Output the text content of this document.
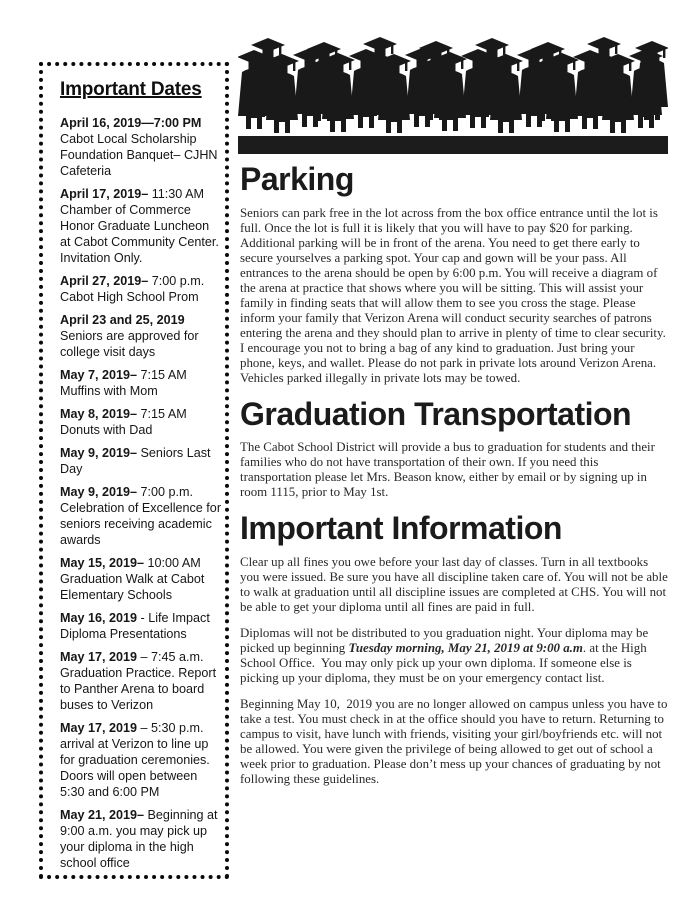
Important Dates
April 16, 2019—7:00 PM Cabot Local Scholarship Foundation Banquet– CJHN Cafeteria
April 17, 2019– 11:30 AM Chamber of Commerce Honor Graduate Luncheon at Cabot Community Center. Invitation Only.
April 27, 2019– 7:00 p.m. Cabot High School Prom
April 23 and 25, 2019 Seniors are approved for college visit days
May 7, 2019– 7:15 AM Muffins with Mom
May 8, 2019– 7:15 AM Donuts with Dad
May 9, 2019– Seniors Last Day
May 9, 2019– 7:00 p.m. Celebration of Excellence for seniors receiving academic awards
May 15, 2019– 10:00 AM Graduation Walk at Cabot Elementary Schools
May 16, 2019 - Life Impact Diploma Presentations
May 17, 2019 – 7:45 a.m. Graduation Practice. Report to Panther Arena to board buses to Verizon
May 17, 2019 – 5:30 p.m. arrival at Verizon to line up for graduation ceremonies. Doors will open between 5:30 and 6:00 PM
May 21, 2019– Beginning at 9:00 a.m. you may pick up your diploma in the high school office
Parking

Seniors can park free in the lot across from the box office entrance until the lot is full. Once the lot is full it is likely that you will have to pay $20 for parking.  Additional parking will be in front of the arena. You need to get there early to secure yourselves a parking spot. Your cap and gown will be your pass. All entrances to the arena should be open by 6:00 p.m. You will receive a diagram of the arena at practice that shows where you will be sitting. This will assist your family in finding seats that will allow them to see you cross the stage. Please inform your family that Verizon Arena will conduct security searches of patrons entering the arena and they should plan to arrive in plenty of time to clear security. I encourage you not to bring a bag of any kind to graduation. Just bring your phone, keys, and wallet. Please do not park in private lots around Verizon Arena.  Vehicles parked illegally in private lots may be towed.

Graduation Transportation

The Cabot School District will provide a bus to graduation for students and their families who do not have transportation of their own. If you need this transportation please let Mrs. Beason know, either by email or by signing up in room 1115, prior to May 1st.

Important Information

Clear up all fines you owe before your last day of classes. Turn in all textbooks you were issued. Be sure you have all discipline taken care of. You will not be able to walk at graduation until all discipline issues are completed at CHS. You will not be able to get your diploma until all fines are paid in full.

Diplomas will not be distributed to you graduation night. Your diploma may be picked up beginning Tuesday morning, May 21, 2019 at 9:00 a.m. at the High School Office.  You may only pick up your own diploma. If someone else is picking up your diploma, they must be on your emergency contact list.

Beginning May 10,  2019 you are no longer allowed on campus unless you have to take a test. You must check in at the office should you have to return. Returning to campus to visit, have lunch with friends, visiting your girl/boyfriends etc. will not be allowed. You were given the privilege of being allowed to get out of school a week prior to graduation. Please don’t mess up your chances of graduating by not following these guidelines.
